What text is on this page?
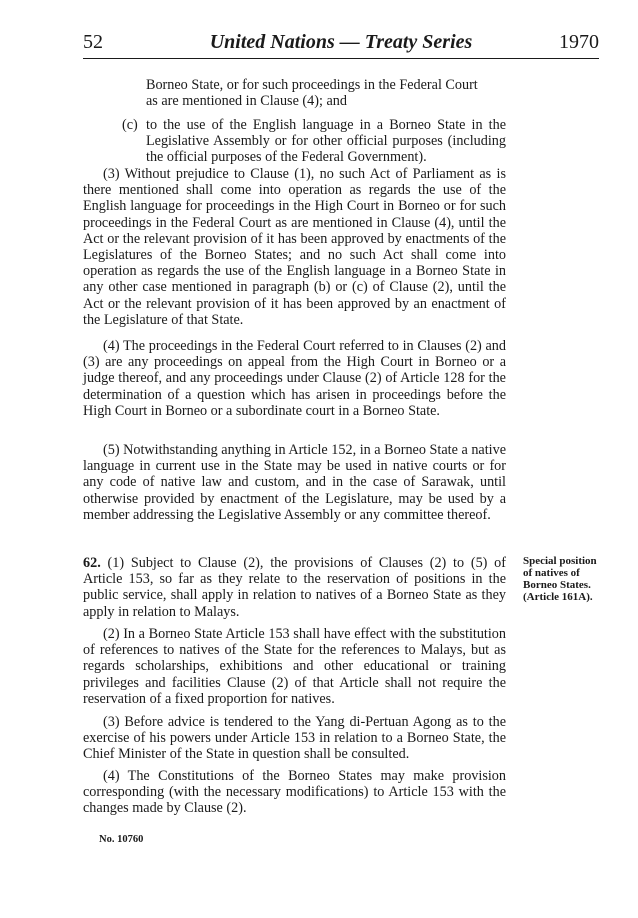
52	United Nations — Treaty Series	1970
Borneo State, or for such proceedings in the Federal Court
as are mentioned in Clause (4); and
(c) to the use of the English language in a Borneo State in the Legislative Assembly or for other official purposes (including the official purposes of the Federal Government).
(3) Without prejudice to Clause (1), no such Act of Parliament as is there mentioned shall come into operation as regards the use of the English language for proceedings in the High Court in Borneo or for such proceedings in the Federal Court as are mentioned in Clause (4), until the Act or the relevant provision of it has been approved by enactments of the Legislatures of the Borneo States; and no such Act shall come into operation as regards the use of the English language in a Borneo State in any other case mentioned in paragraph (b) or (c) of Clause (2), until the Act or the relevant provision of it has been approved by an enactment of the Legislature of that State.
(4) The proceedings in the Federal Court referred to in Clauses (2) and (3) are any proceedings on appeal from the High Court in Borneo or a judge thereof, and any proceedings under Clause (2) of Article 128 for the determination of a question which has arisen in proceedings before the High Court in Borneo or a subordinate court in a Borneo State.
(5) Notwithstanding anything in Article 152, in a Borneo State a native language in current use in the State may be used in native courts or for any code of native law and custom, and in the case of Sarawak, until otherwise provided by enactment of the Legislature, may be used by a member addressing the Legislative Assembly or any committee thereof.
62. (1) Subject to Clause (2), the provisions of Clauses (2) to (5) of Article 153, so far as they relate to the reservation of positions in the public service, shall apply in relation to natives of a Borneo State as they apply in relation to Malays.
(2) In a Borneo State Article 153 shall have effect with the substitution of references to natives of the State for the references to Malays, but as regards scholarships, exhibitions and other educational or training privileges and facilities Clause (2) of that Article shall not require the reservation of a fixed proportion for natives.
(3) Before advice is tendered to the Yang di-Pertuan Agong as to the exercise of his powers under Article 153 in relation to a Borneo State, the Chief Minister of the State in question shall be consulted.
(4) The Constitutions of the Borneo States may make provision corresponding (with the necessary modifications) to Article 153 with the changes made by Clause (2).
Special position of natives of Borneo States. (Article 161A).
No. 10760
